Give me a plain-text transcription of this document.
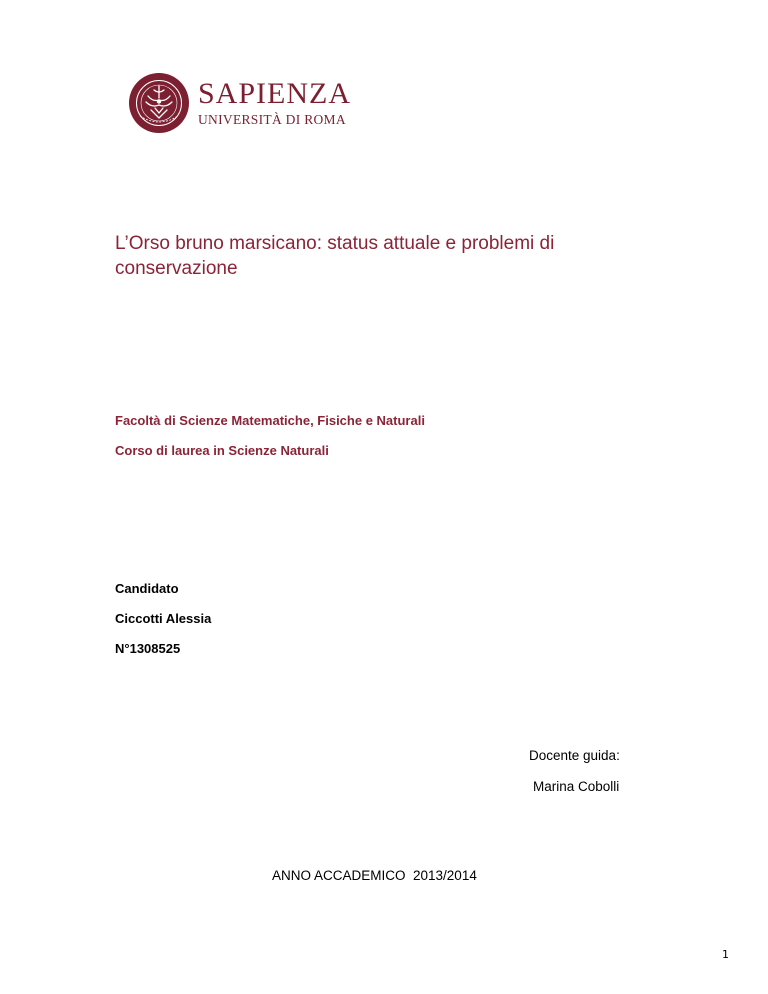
SAPIENZA
UNIVERSITÀ DI ROMA
L’Orso bruno marsicano: status attuale e problemi di conservazione
Facoltà di Scienze Matematiche, Fisiche e Naturali
Corso di laurea in Scienze Naturali
Candidato
Ciccotti Alessia
N°1308525
Docente guida:
Marina Cobolli
ANNO ACCADEMICO  2013/2014
1
